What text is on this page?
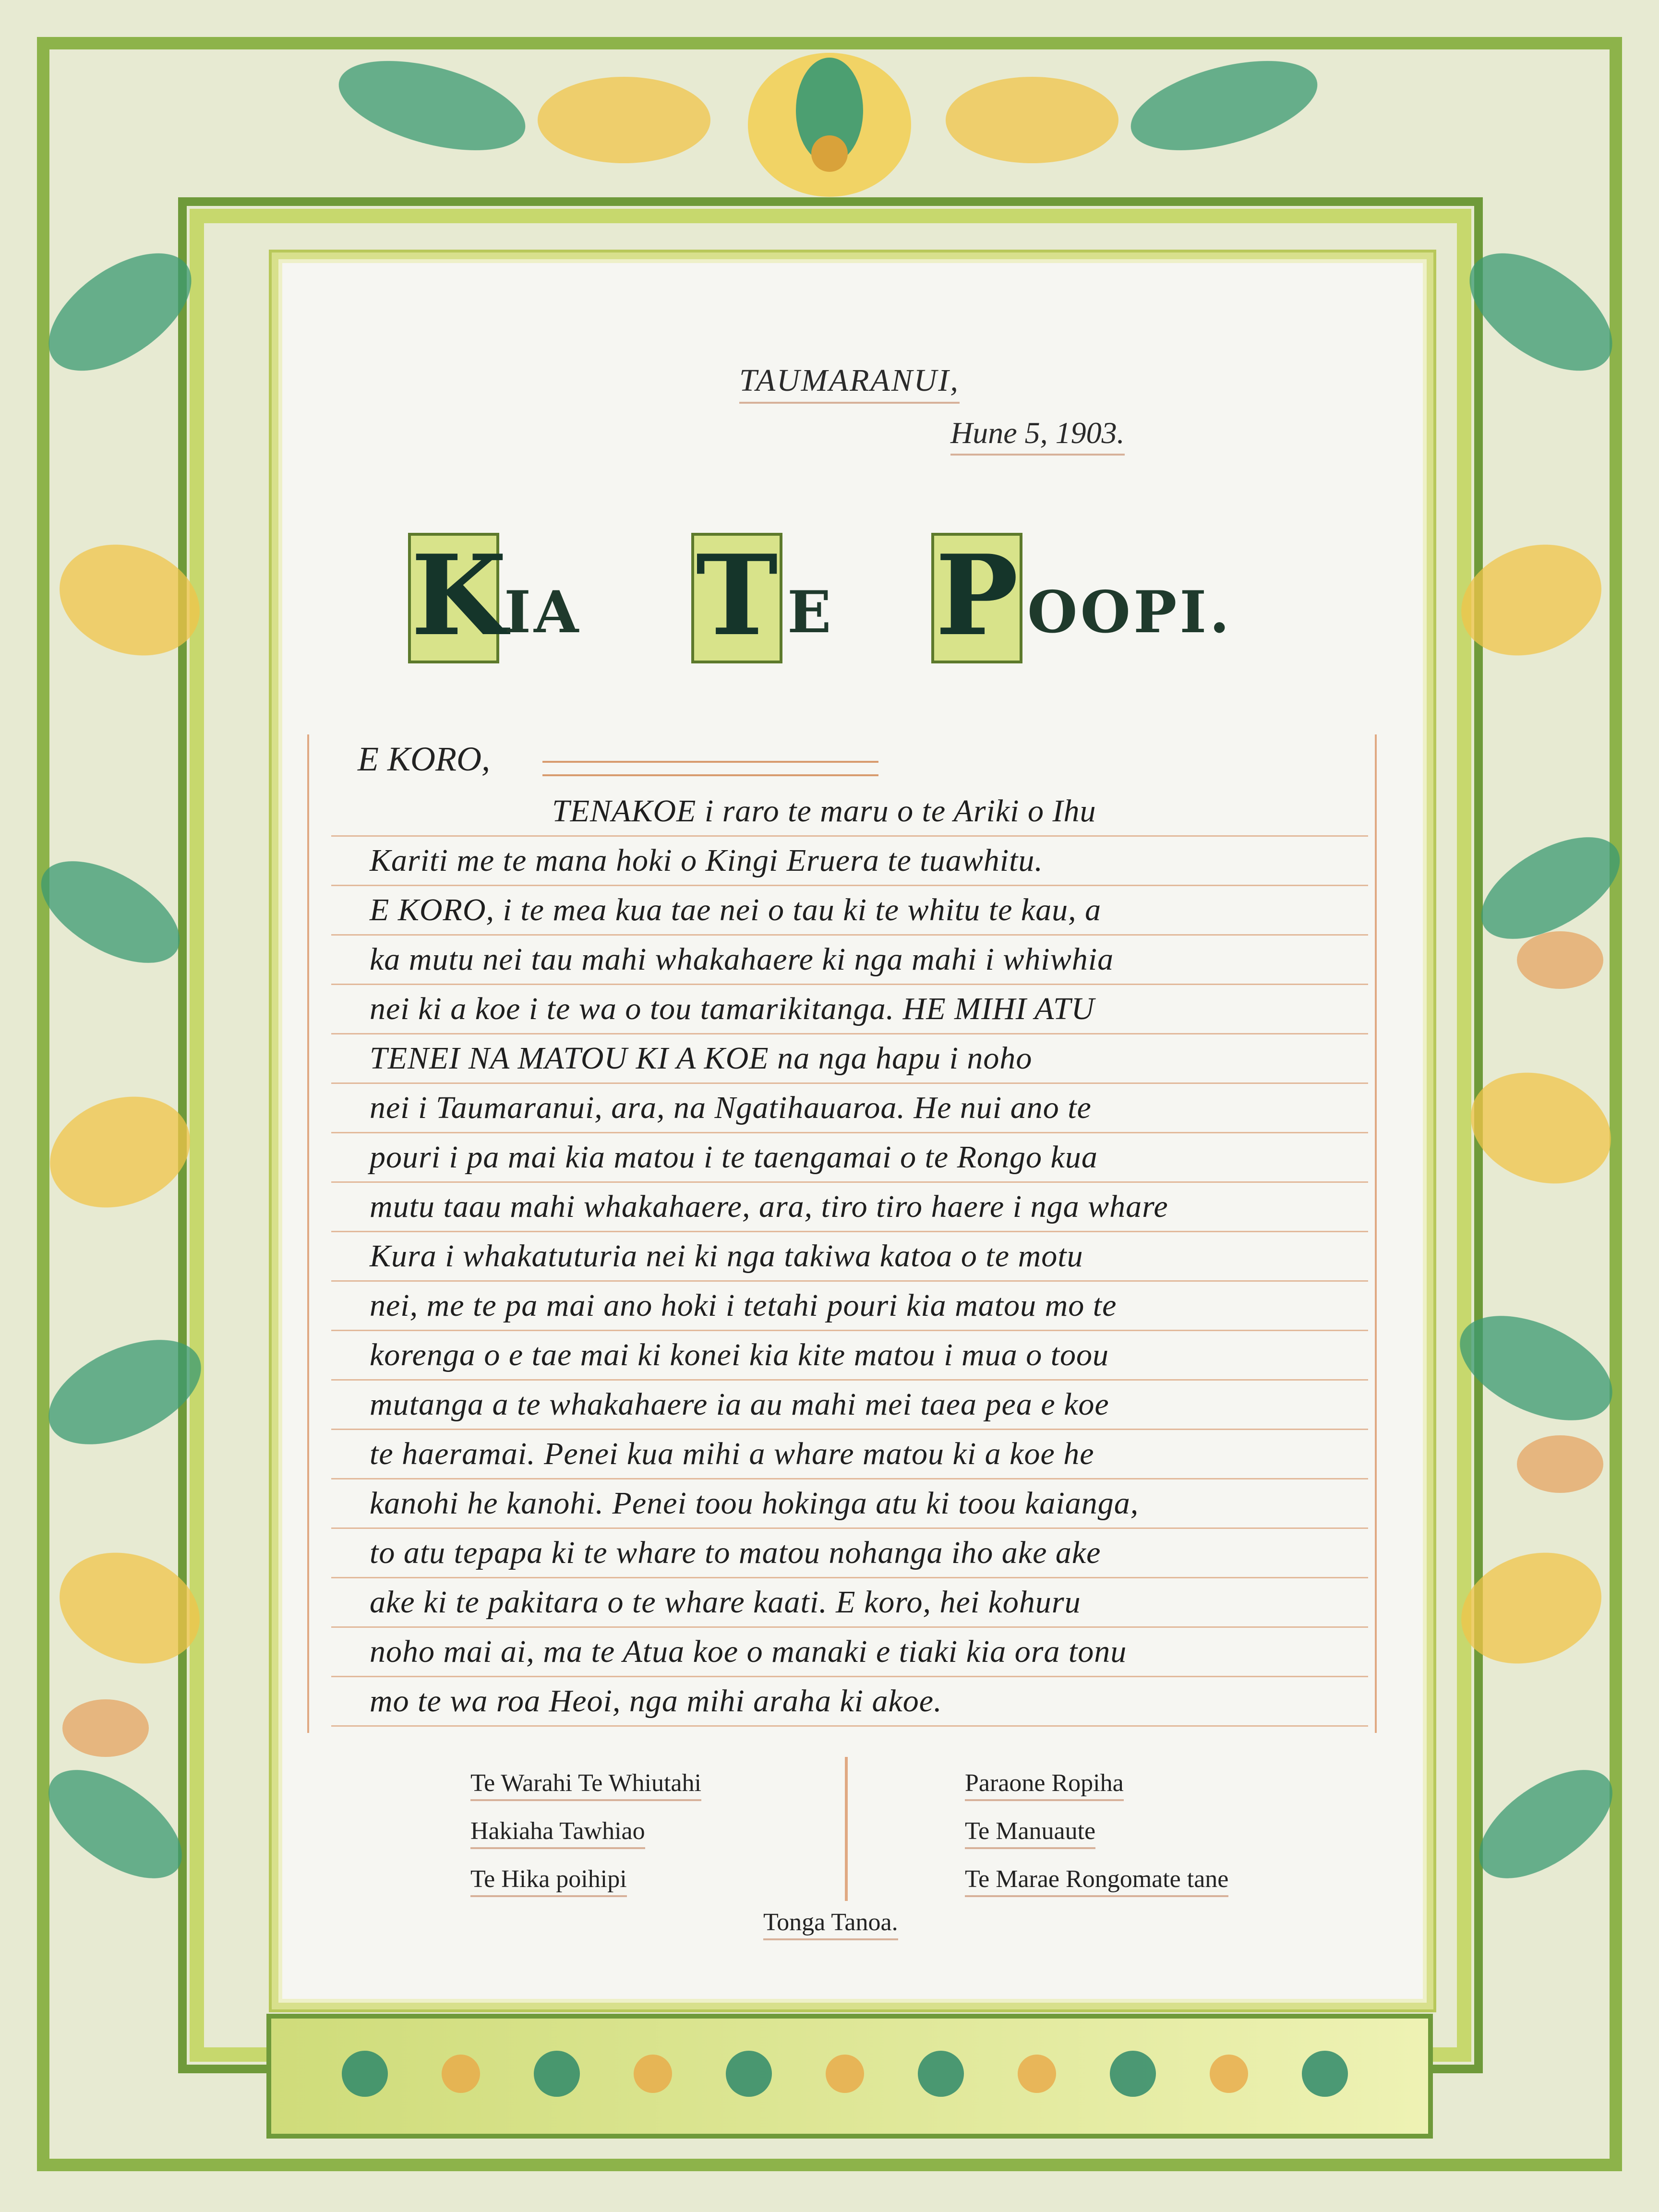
TAUMARANUI,
Hune 5, 1903.
K
IA T E P OOPI.
E KORO,
TENAKOE i raro te maru o te Ariki o Ihu
Kariti me te mana hoki o Kingi Eruera te tuawhitu.
E KORO, i te mea kua tae nei o tau ki te whitu te kau, a
ka mutu nei tau mahi whakahaere ki nga mahi i whiwhia
nei ki a koe i te wa o tou tamarikitanga. HE MIHI ATU
TENEI NA MATOU KI A KOE na nga hapu i noho
nei i Taumaranui, ara, na Ngatihauaroa. He nui ano te
pouri i pa mai kia matou i te taengamai o te Rongo kua
mutu taau mahi whakahaere, ara, tiro tiro haere i nga whare
Kura i whakatuturia nei ki nga takiwa katoa o te motu
nei, me te pa mai ano hoki i tetahi pouri kia matou mo te
korenga o e tae mai ki konei kia kite matou i mua o toou
mutanga a te whakahaere ia au mahi mei taea pea e koe
te haeramai. Penei kua mihi a whare matou ki a koe he
kanohi he kanohi. Penei toou hokinga atu ki toou kaianga,
to atu tepapa ki te whare to matou nohanga iho ake ake
ake ki te pakitara o te whare kaati. E koro, hei kohuru
noho mai ai, ma te Atua koe o manaki e tiaki kia ora tonu
mo te wa roa Heoi, nga mihi araha ki akoe.
Te Warahi Te Whiutahi
Hakiaha Tawhiao
Te Hika poihipi
Paraone Ropiha
Te Manuaute
Te Marae Rongomate tane
Tonga Tanoa.
